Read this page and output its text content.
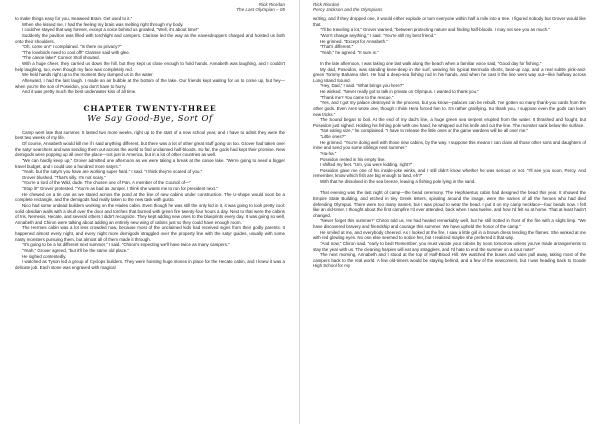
Rick Riordan
The Last Olympian – 05

to make things easy for you, Seaweed Brain. Get used to it."

When she kissed me, I had the feeling my brain was melting right through my body.

I could've stayed that way forever, except a voice behind us growled, "Well, it's about time!"

Suddenly the pavilion was filled with torchlight and campers. Clarisse led the way as the eavesdroppers charged and hoisted us both onto their shoulders.

"Oh, come on!" I complained. "Is there no privacy?"

"The lovebirds need to cool off!" Clarisse said with glee.

"The canoe lake!" Connor Stoll shouted.

With a huge cheer, they carried us down the hill, but they kept us close enough to hold hands. Annabeth was laughing, and I couldn't help laughing, too, even though my face was completely red.

We held hands right up to the moment they dumped us in the water.

Afterward, I had the last laugh. I made an air bubble at the bottom of the lake. Our friends kept waiting for us to come up, but hey—when you're the son of Poseidon, you don't have to hurry.

And it was pretty much the best underwater kiss of all time.

CHAPTER TWENTY-THREE
We Say Good-Bye, Sort Of

Camp went late that summer. It lasted two more weeks, right up to the start of a new school year, and I have to admit they were the best two weeks of my life.

Of course, Annabeth would kill me if I said anything different, but there was a lot of other great stuff going on too. Grover had taken over the satyr searchers and was sending them out across the world to find unclaimed half-bloods. So far, the gods had kept their promise. New demigods were popping up all over the place—not just in America, but in a lot of other countries as well.

"We can hardly keep up," Grover admitted one afternoon as we were taking a break at the canoe lake. "We're going to need a bigger travel budget, and I could use a hundred more satyrs."

"Yeah, but the satyrs you have are working super hard," I said. "I think they're scared of you."

Grover blushed. "That's silly. I'm not scary."

"You're a lord of the Wild, dude. The chosen one of Pan. A member of the Council of—"

"Stop it!" Grover protested. "You're as bad as Juniper. I think she wants me to run for president next."

He chewed on a tin can as we stared across the pond at the line of new cabins under construction. The U-shape would soon be a complete rectangle, and the demigods had really taken to the new task with gusto.

Nico had some undead builders working on the Hades cabin. Even though he was still the only kid in it, it was going to look pretty cool: solid obsidian walls with a skull over the door and torches that burned with green fire twenty-four hours a day. Next to that were the cabins of Iris, Nemesis, Hecate, and several others I didn't recognize. They kept adding new ones to the blueprints every day. It was going so well, Annabeth and Chiron were talking about adding an entirely new wing of cabins just so they could have enough room.

The Hermes cabin was a lot less crowded now, because most of the unclaimed kids had received signs from their godly parents. It happened almost every night, and every night more demigods straggled over the property line with the satyr guides, usually with some nasty monsters pursuing them, but almost all of them made it through.

"It's going to be a lot different next summer," I said. "Chiron's expecting we'll have twice as many campers."

"Yeah," Grover agreed, "but it'll be the same old place."

He sighed contentedly.

I watched as Tyson led a group of Cyclops builders. They were hoisting huge stones in place for the Hecate cabin, and I knew it was a delicate job. Each stone was engraved with magical

Rick Riordan
Percy Jackson and the Olympians

writing, and if they dropped one, it would either explode or turn everyone within half a mile into a tree. I figured nobody but Grover would like that.

"I'll be traveling a lot," Grover warned, "between protecting nature and finding half-bloods. I may not see you as much."

"Won't change anything," I said. "You're still my best friend."

He grinned. "Except for Annabeth."

"That's different."

"Yeah," he agreed. "It sure is."

In the late afternoon, I was taking one last walk along the beach when a familiar voice said, "Good day for fishing."

My dad, Poseidon, was standing knee-deep in the surf, wearing his typical Bermuda shorts, beat-up cap, and a real subtle pink-and-green Tommy Bahama shirt. He had a deep-sea fishing rod in his hands, and when he cast it the line went way out—like halfway across Long Island Sound.

"Hey, Dad," I said. "What brings you here?"

He winked. "Never really got to talk in private on Olympus. I wanted to thank you."

"Thank me? You came to the rescue."

"Yes, and I got my palace destroyed in the process, but you know—palaces can be rebuilt. I've gotten so many thank-you cards from the other gods. Even Ares wrote one, though I think Hera forced him to. It's rather gratifying. So thank you. I suppose even the gods can learn new tricks."

The Sound began to boil. At the end of my dad's line, a huge green sea serpent erupted from the water. It thrashed and fought, but Poseidon just sighed. Holding his fishing pole with one hand, he whipped out his knife and cut the line. The monster sank below the surface.

"Not eating size," he complained. "I have to release the little ones or the game wardens will be all over me."

"Little ones?"

He grinned. "You're doing well with those new cabins, by the way. I suppose this means I can claim all those other sons and daughters of mine and send you some siblings next summer."

"Ha-ha."

Poseidon reeled in his empty line.

I shifted my feet. "Um, you were kidding, right?"

Poseidon gave me one of his inside-joke winks, and I still didn't know whether he was serious or not. "I'll see you soon, Percy. And remember, know which fish are big enough to land, eh?"

With that he dissolved in the sea breeze, leaving a fishing pole lying in the sand.

That evening was the last night of camp—the bead ceremony. The Hephaestus cabin had designed the bead this year. It showed the Empire State Building, and etched in tiny Greek letters, spiraling around the image, were the names of all the heroes who had died defending Olympus. There were too many names, but I was proud to wear the bead. I put it on my camp necklace—four beads now. I felt like an old-timer. I thought about the first campfire I'd ever attended, back when I was twelve, and how I'd felt so at home. That at least hadn't changed.

"Never forget this summer!" Chiron told us. He had healed remarkably well, but he still trotted in front of the fire with a slight limp. "We have discovered bravery and friendship and courage this summer. We have upheld the honor of the camp."

He smiled at me, and everybody cheered. As I looked at the fire, I saw a little girl in a brown dress tending the flames. She winked at me with red glowing eyes. No one else seemed to notice her, but I realized maybe she preferred it that way.

"And now," Chiron said, "early to bed! Remember, you must vacate your cabins by noon tomorrow unless you've made arrangements to stay the year with us. The cleaning harpies will eat any stragglers, and I'd hate to end the summer on a sour note!"

The next morning, Annabeth and I stood at the top of Half-Blood Hill. We watched the buses and vans pull away, taking most of the campers back to the real world. A few old-timers would be staying behind, and a few of the newcomers, but I was heading back to Goode High School for my
